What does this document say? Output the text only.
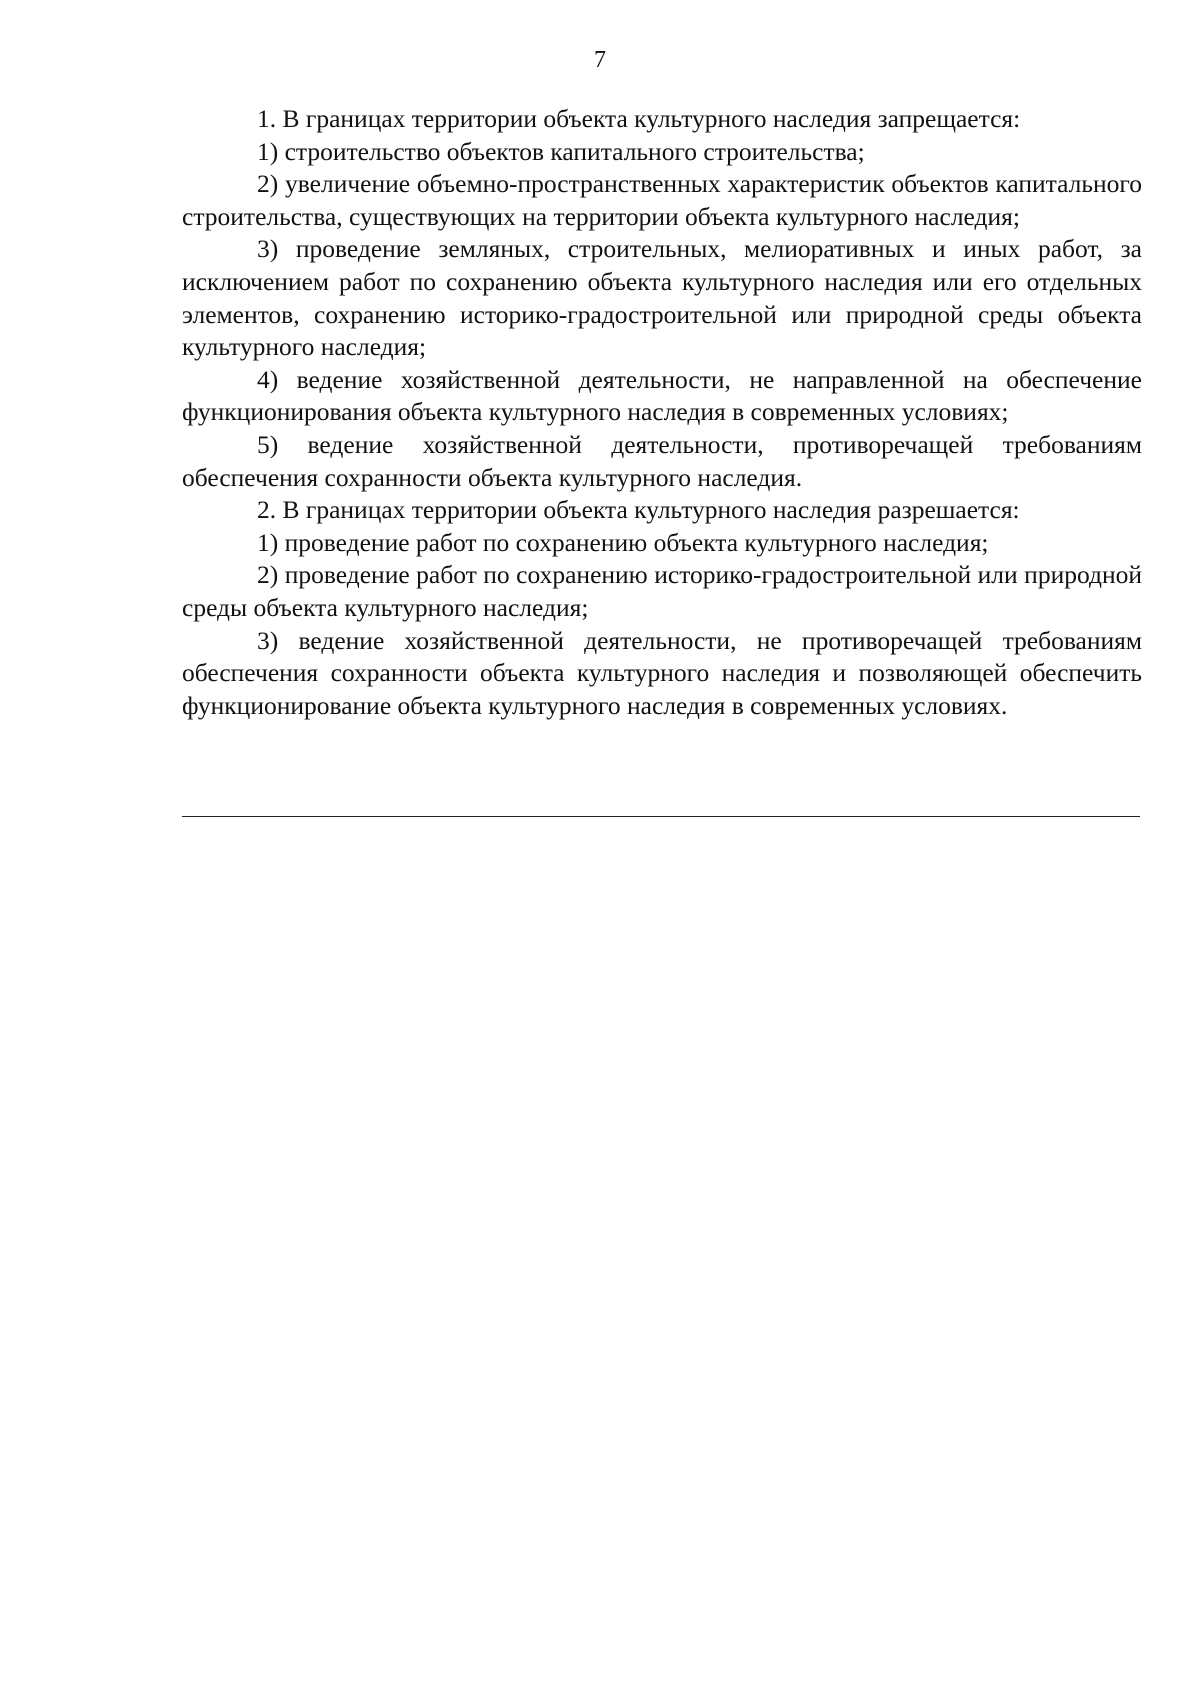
7

1. В границах территории объекта культурного наследия запрещается:

1) строительство объектов капитального строительства;

2) увеличение объемно-пространственных характеристик объектов капитального строительства, существующих на территории объекта культурного наследия;

3) проведение земляных, строительных, мелиоративных и иных работ, за исключением работ по сохранению объекта культурного наследия или его отдельных элементов, сохранению историко-градостроительной или природной среды объекта культурного наследия;

4) ведение хозяйственной деятельности, не направленной на обеспечение функционирования объекта культурного наследия в современных условиях;

5) ведение хозяйственной деятельности, противоречащей требованиям обеспечения сохранности объекта культурного наследия.

2. В границах территории объекта культурного наследия разрешается:

1) проведение работ по сохранению объекта культурного наследия;

2) проведение работ по сохранению историко-градостроительной или природной среды объекта культурного наследия;

3) ведение хозяйственной деятельности, не противоречащей требованиям обеспечения сохранности объекта культурного наследия и позволяющей обеспечить функционирование объекта культурного наследия в современных условиях.
